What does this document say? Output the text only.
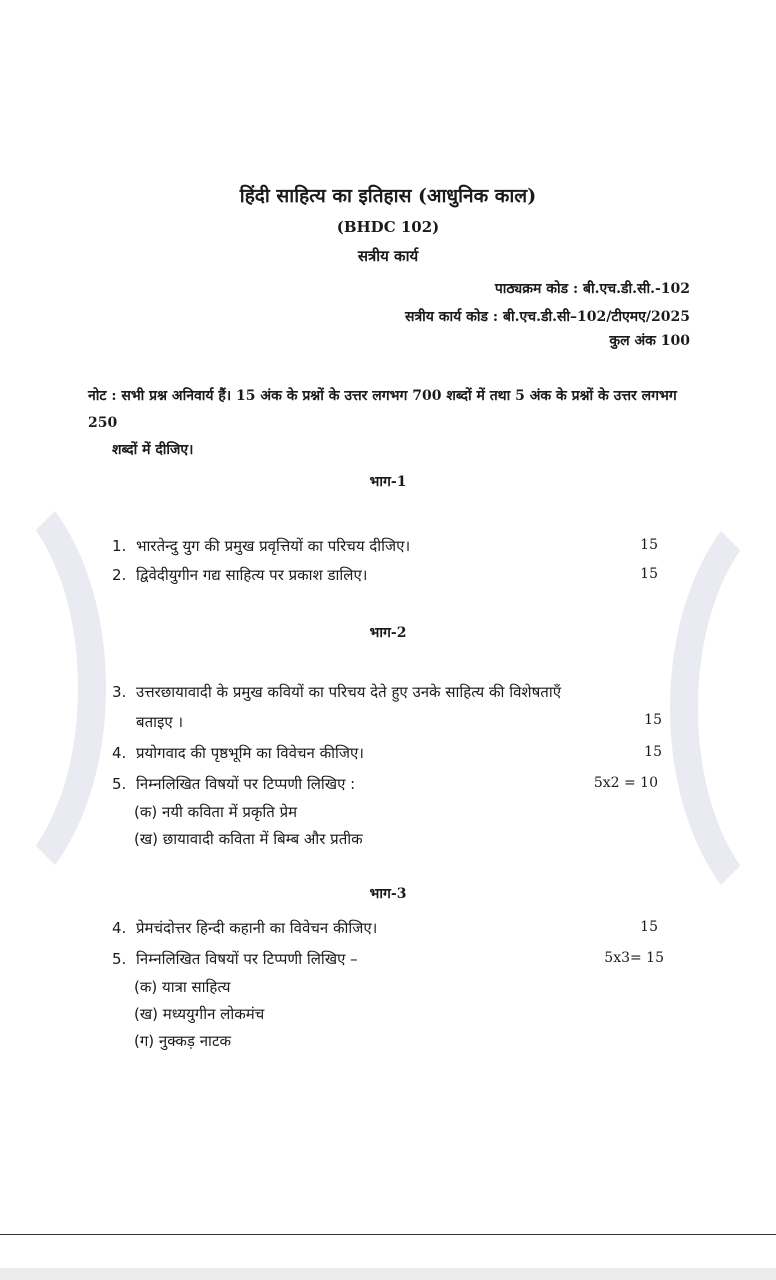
हिंदी साहित्य का इतिहास (आधुनिक काल)
(BHDC 102)
सत्रीय कार्य
पाठ्यक्रम कोड : बी.एच.डी.सी.-102
सत्रीय कार्य कोड : बी.एच.डी.सी–102/टीएमए/2025
कुल अंक 100
नोट : सभी प्रश्न अनिवार्य हैं। 15 अंक के प्रश्नों के उत्तर लगभग 700 शब्दों में तथा 5 अंक के प्रश्नों के उत्तर लगभग 250
शब्दों में दीजिए।
भाग-1
1. भारतेन्दु युग की प्रमुख प्रवृत्तियों का परिचय दीजिए।	15
2. द्विवेदीयुगीन गद्य साहित्य पर प्रकाश डालिए।	15
भाग-2
3. उत्तरछायावादी के प्रमुख कवियों का परिचय देते हुए उनके साहित्य की विशेषताएँ
बताइए ।	15
4. प्रयोगवाद की पृष्ठभूमि का विवेचन कीजिए।	15
5. निम्नलिखित विषयों पर टिप्पणी लिखिए :	5x2 = 10
(क) नयी कविता में प्रकृति प्रेम
(ख) छायावादी कविता में बिम्ब और प्रतीक
भाग-3
4. प्रेमचंदोत्तर हिन्दी कहानी का विवेचन कीजिए।	15
5. निम्नलिखित विषयों पर टिप्पणी लिखिए –	5x3= 15
(क) यात्रा साहित्य
(ख) मध्ययुगीन लोकमंच
(ग) नुक्कड़ नाटक
